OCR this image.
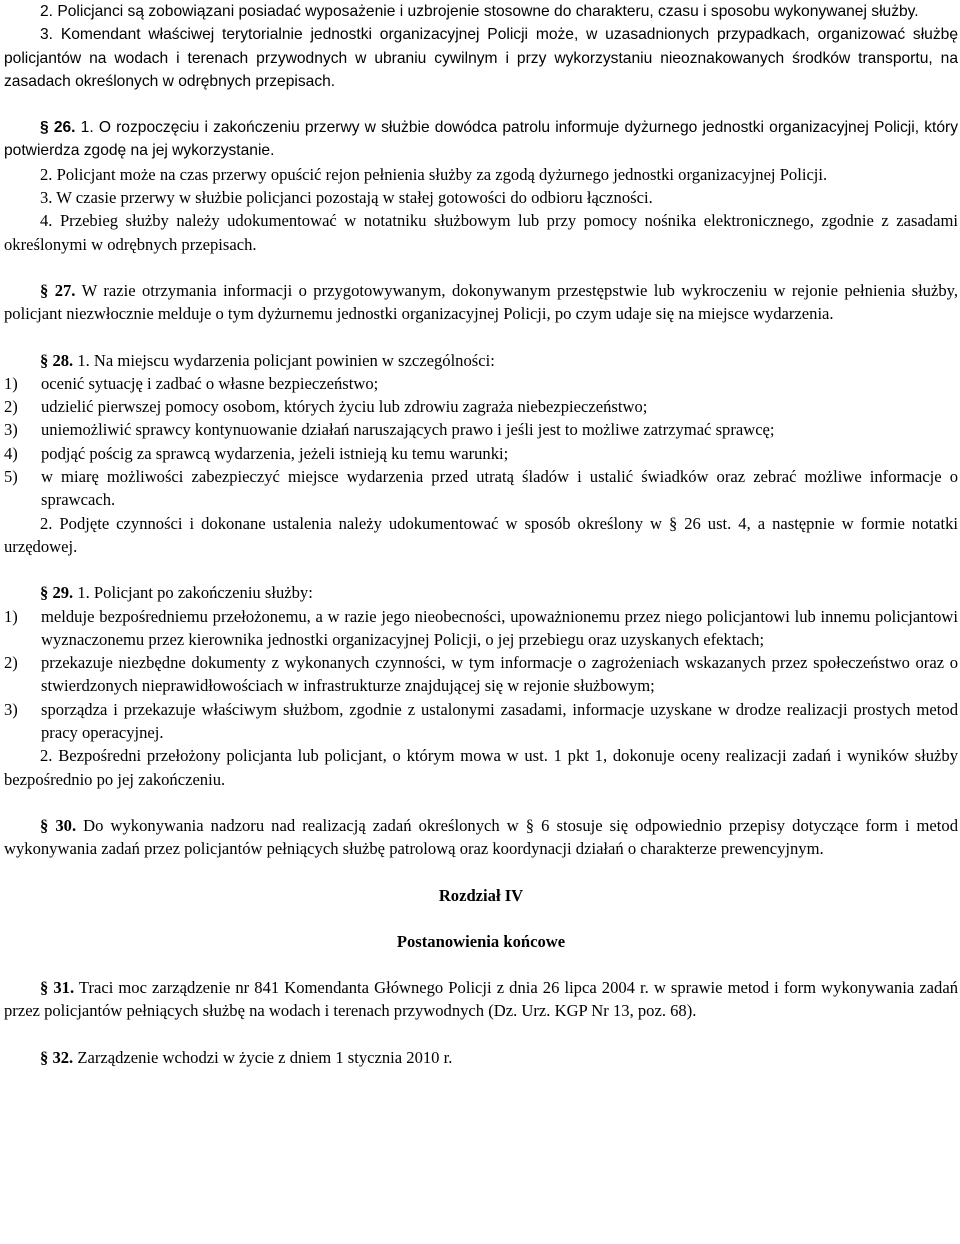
2. Policjanci są zobowiązani posiadać wyposażenie i uzbrojenie stosowne do charakteru, czasu i sposobu wykonywanej służby.

3. Komendant właściwej terytorialnie jednostki organizacyjnej Policji może, w uzasadnionych przypadkach, organizować służbę policjantów na wodach i terenach przywodnych w ubraniu cywilnym i przy wykorzystaniu nieoznakowanych środków transportu, na zasadach określonych w odrębnych przepisach.

§ 26. 1. O rozpoczęciu i zakończeniu przerwy w służbie dowódca patrolu informuje dyżurnego jednostki organizacyjnej Policji, który potwierdza zgodę na jej wykorzystanie.

2. Policjant może na czas przerwy opuścić rejon pełnienia służby za zgodą dyżurnego jednostki organizacyjnej Policji.

3. W czasie przerwy w służbie policjanci pozostają w stałej gotowości do odbioru łączności.

4. Przebieg służby należy udokumentować w notatniku służbowym lub przy pomocy nośnika elektronicznego, zgodnie z zasadami określonymi w odrębnych przepisach.

§ 27. W razie otrzymania informacji o przygotowywanym, dokonywanym przestępstwie lub wykroczeniu w rejonie pełnienia służby, policjant niezwłocznie melduje o tym dyżurnemu jednostki organizacyjnej Policji, po czym udaje się na miejsce wydarzenia.

§ 28. 1. Na miejscu wydarzenia policjant powinien w szczególności:

1) ocenić sytuację i zadbać o własne bezpieczeństwo;
2) udzielić pierwszej pomocy osobom, których życiu lub zdrowiu zagraża niebezpieczeństwo;
3) uniemożliwić sprawcy kontynuowanie działań naruszających prawo i jeśli jest to możliwe zatrzymać sprawcę;
4) podjąć pościg za sprawcą wydarzenia, jeżeli istnieją ku temu warunki;
5) w miarę możliwości zabezpieczyć miejsce wydarzenia przed utratą śladów i ustalić świadków oraz zebrać możliwe informacje o sprawcach.

2. Podjęte czynności i dokonane ustalenia należy udokumentować w sposób określony w § 26 ust. 4, a następnie w formie notatki urzędowej.

§ 29. 1. Policjant po zakończeniu służby:

1) melduje bezpośredniemu przełożonemu, a w razie jego nieobecności, upoważnionemu przez niego policjantowi lub innemu policjantowi wyznaczonemu przez kierownika jednostki organizacyjnej Policji, o jej przebiegu oraz uzyskanych efektach;
2) przekazuje niezbędne dokumenty z wykonanych czynności, w tym informacje o zagrożeniach wskazanych przez społeczeństwo oraz o stwierdzonych nieprawidłowościach w infrastrukturze znajdującej się w rejonie służbowym;
3) sporządza i przekazuje właściwym służbom, zgodnie z ustalonymi zasadami, informacje uzyskane w drodze realizacji prostych metod pracy operacyjnej.

2. Bezpośredni przełożony policjanta lub policjant, o którym mowa w ust. 1 pkt 1, dokonuje oceny realizacji zadań i wyników służby bezpośrednio po jej zakończeniu.

§ 30. Do wykonywania nadzoru nad realizacją zadań określonych w § 6 stosuje się odpowiednio przepisy dotyczące form i metod wykonywania zadań przez policjantów pełniących służbę patrolową oraz koordynacji działań o charakterze prewencyjnym.

Rozdział IV

Postanowienia końcowe

§ 31. Traci moc zarządzenie nr 841 Komendanta Głównego Policji z dnia 26 lipca 2004 r. w sprawie metod i form wykonywania zadań przez policjantów pełniących służbę na wodach i terenach przywodnych (Dz. Urz. KGP Nr 13, poz. 68).

§ 32. Zarządzenie wchodzi w życie z dniem 1 stycznia 2010 r.
